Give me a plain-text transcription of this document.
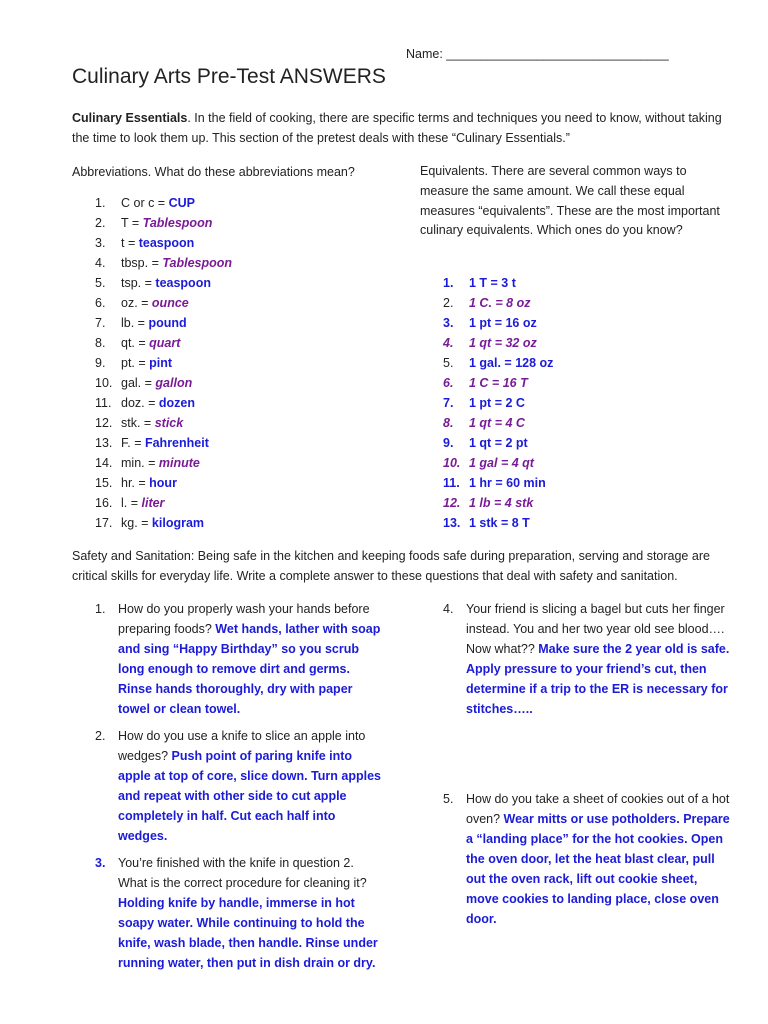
Name: ________________________________
Culinary Arts Pre-Test ANSWERS
Culinary Essentials. In the field of cooking, there are specific terms and techniques you need to know, without taking the time to look them up. This section of the pretest deals with these “Culinary Essentials.”
Abbreviations. What do these abbreviations mean?
1. C or c = CUP
2. T = Tablespoon
3. t = teaspoon
4. tbsp. = Tablespoon
5. tsp. = teaspoon
6. oz. = ounce
7. lb. = pound
8. qt. = quart
9. pt. = pint
10. gal. = gallon
11. doz. = dozen
12. stk. = stick
13. F. = Fahrenheit
14. min. = minute
15. hr. = hour
16. l. = liter
17. kg. = kilogram
Equivalents. There are several common ways to measure the same amount. We call these equal measures “equivalents”. These are the most important culinary equivalents. Which ones do you know?
1. 1 T = 3 t
2. 1 C. = 8 oz
3. 1 pt = 16 oz
4. 1 qt = 32 oz
5. 1 gal. = 128 oz
6. 1 C = 16 T
7. 1 pt = 2 C
8. 1 qt = 4 C
9. 1 qt = 2 pt
10. 1 gal = 4 qt
11. 1 hr = 60 min
12. 1 lb = 4 stk
13. 1 stk = 8 T
Safety and Sanitation: Being safe in the kitchen and keeping foods safe during preparation, serving and storage are critical skills for everyday life. Write a complete answer to these questions that deal with safety and sanitation.
1. How do you properly wash your hands before preparing foods? Wet hands, lather with soap and sing “Happy Birthday” so you scrub long enough to remove dirt and germs. Rinse hands thoroughly, dry with paper towel or clean towel.
2. How do you use a knife to slice an apple into wedges? Push point of paring knife into apple at top of core, slice down. Turn apples and repeat with other side to cut apple completely in half. Cut each half into wedges.
3. You’re finished with the knife in question 2. What is the correct procedure for cleaning it? Holding knife by handle, immerse in hot soapy water. While continuing to hold the knife, wash blade, then handle. Rinse under running water, then put in dish drain or dry.
4. Your friend is slicing a bagel but cuts her finger instead. You and her two year old see blood…. Now what?? Make sure the 2 year old is safe. Apply pressure to your friend’s cut, then determine if a trip to the ER is necessary for stitches…..
5. How do you take a sheet of cookies out of a hot oven? Wear mitts or use potholders. Prepare a “landing place” for the hot cookies. Open the oven door, let the heat blast clear, pull out the oven rack, lift out cookie sheet, move cookies to landing place, close oven door.
